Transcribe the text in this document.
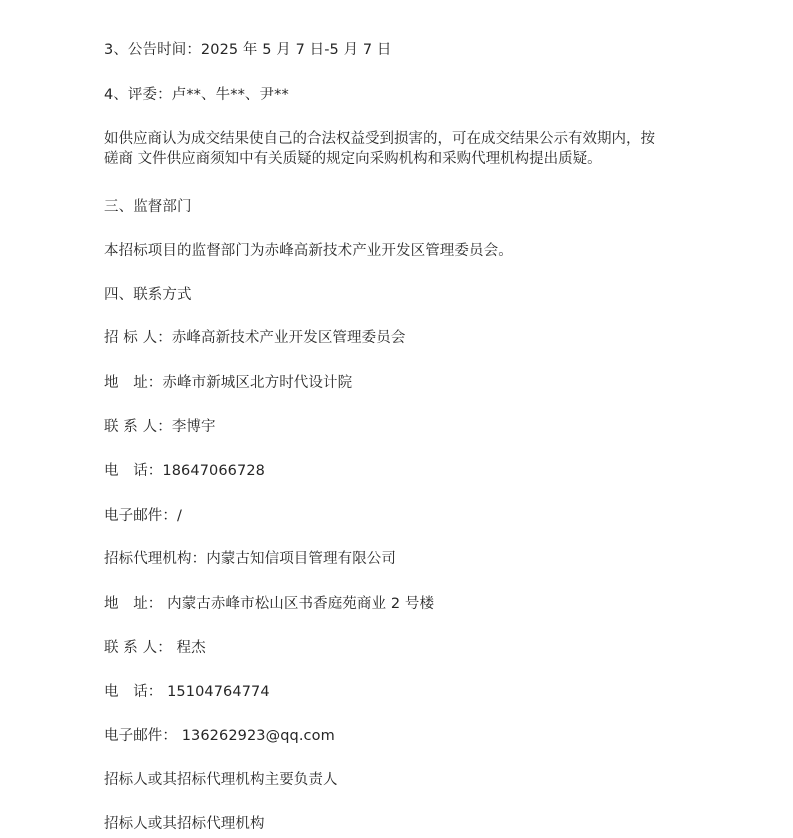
3、公告时间：2025 年 5 月 7 日-5 月 7 日

4、评委：卢**、牛**、尹**

如供应商认为成交结果使自己的合法权益受到损害的，可在成交结果公示有效期内，按
磋商 文件供应商须知中有关质疑的规定向采购机构和采购代理机构提出质疑。

三、监督部门

本招标项目的监督部门为赤峰高新技术产业开发区管理委员会。

四、联系方式

招 标 人：赤峰高新技术产业开发区管理委员会

地　址：赤峰市新城区北方时代设计院

联 系 人：李博宇

电　话：18647066728

电子邮件：/

招标代理机构：内蒙古知信项目管理有限公司

地　址： 内蒙古赤峰市松山区书香庭苑商业 2 号楼

联 系 人： 程杰

电　话： 15104764774

电子邮件： 136262923@qq.com

招标人或其招标代理机构主要负责人

招标人或其招标代理机构
